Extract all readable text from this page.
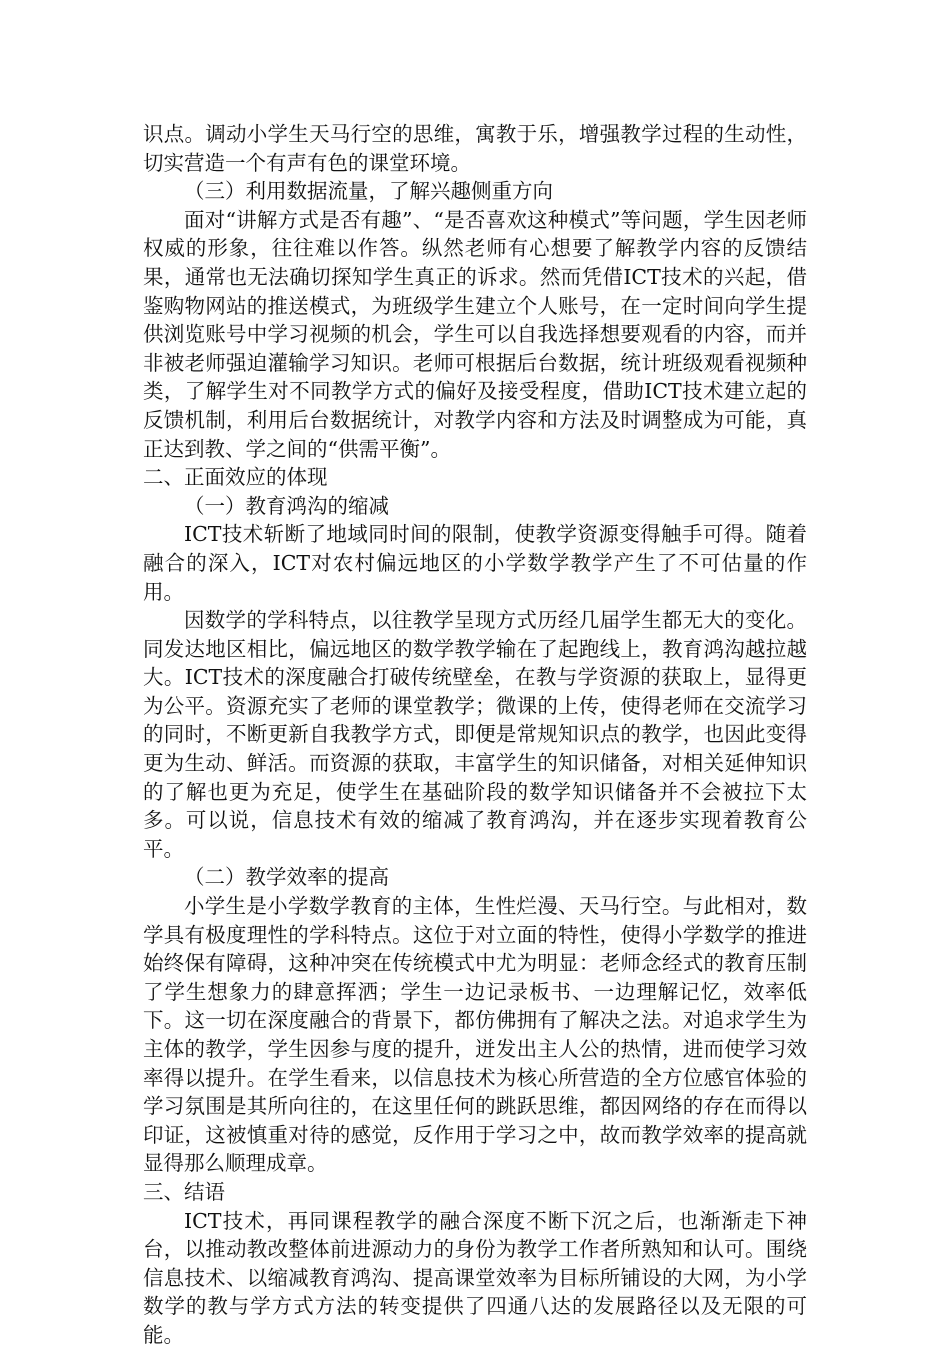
识点。调动小学生天马行空的思维，寓教于乐，增强教学过程的生动性，切实营造一个有声有色的课堂环境。

（三）利用数据流量，了解兴趣侧重方向

面对“讲解方式是否有趣”、“是否喜欢这种模式”等问题，学生因老师权威的形象，往往难以作答。纵然老师有心想要了解教学内容的反馈结果，通常也无法确切探知学生真正的诉求。然而凭借ICT技术的兴起，借鉴购物网站的推送模式，为班级学生建立个人账号，在一定时间向学生提供浏览账号中学习视频的机会，学生可以自我选择想要观看的内容，而并非被老师强迫灌输学习知识。老师可根据后台数据，统计班级观看视频种类，了解学生对不同教学方式的偏好及接受程度，借助ICT技术建立起的反馈机制，利用后台数据统计，对教学内容和方法及时调整成为可能，真正达到教、学之间的“供需平衡”。

二、正面效应的体现

（一）教育鸿沟的缩减

ICT技术斩断了地域同时间的限制，使教学资源变得触手可得。随着融合的深入，ICT对农村偏远地区的小学数学教学产生了不可估量的作用。

因数学的学科特点，以往教学呈现方式历经几届学生都无大的变化。同发达地区相比，偏远地区的数学教学输在了起跑线上，教育鸿沟越拉越大。ICT技术的深度融合打破传统壁垒，在教与学资源的获取上，显得更为公平。资源充实了老师的课堂教学；微课的上传，使得老师在交流学习的同时，不断更新自我教学方式，即便是常规知识点的教学，也因此变得更为生动、鲜活。而资源的获取，丰富学生的知识储备，对相关延伸知识的了解也更为充足，使学生在基础阶段的数学知识储备并不会被拉下太多。可以说，信息技术有效的缩减了教育鸿沟，并在逐步实现着教育公平。

（二）教学效率的提高

小学生是小学数学教育的主体，生性烂漫、天马行空。与此相对，数学具有极度理性的学科特点。这位于对立面的特性，使得小学数学的推进始终保有障碍，这种冲突在传统模式中尤为明显：老师念经式的教育压制了学生想象力的肆意挥洒；学生一边记录板书、一边理解记忆，效率低下。这一切在深度融合的背景下，都仿佛拥有了解决之法。对追求学生为主体的教学，学生因参与度的提升，迸发出主人公的热情，进而使学习效率得以提升。在学生看来，以信息技术为核心所营造的全方位感官体验的学习氛围是其所向往的，在这里任何的跳跃思维，都因网络的存在而得以印证，这被慎重对待的感觉，反作用于学习之中，故而教学效率的提高就显得那么顺理成章。

三、结语

ICT技术，再同课程教学的融合深度不断下沉之后，也渐渐走下神台，以推动教改整体前进源动力的身份为教学工作者所熟知和认可。围绕信息技术、以缩减教育鸿沟、提高课堂效率为目标所铺设的大网，为小学数学的教与学方式方法的转变提供了四通八达的发展路径以及无限的可能。
